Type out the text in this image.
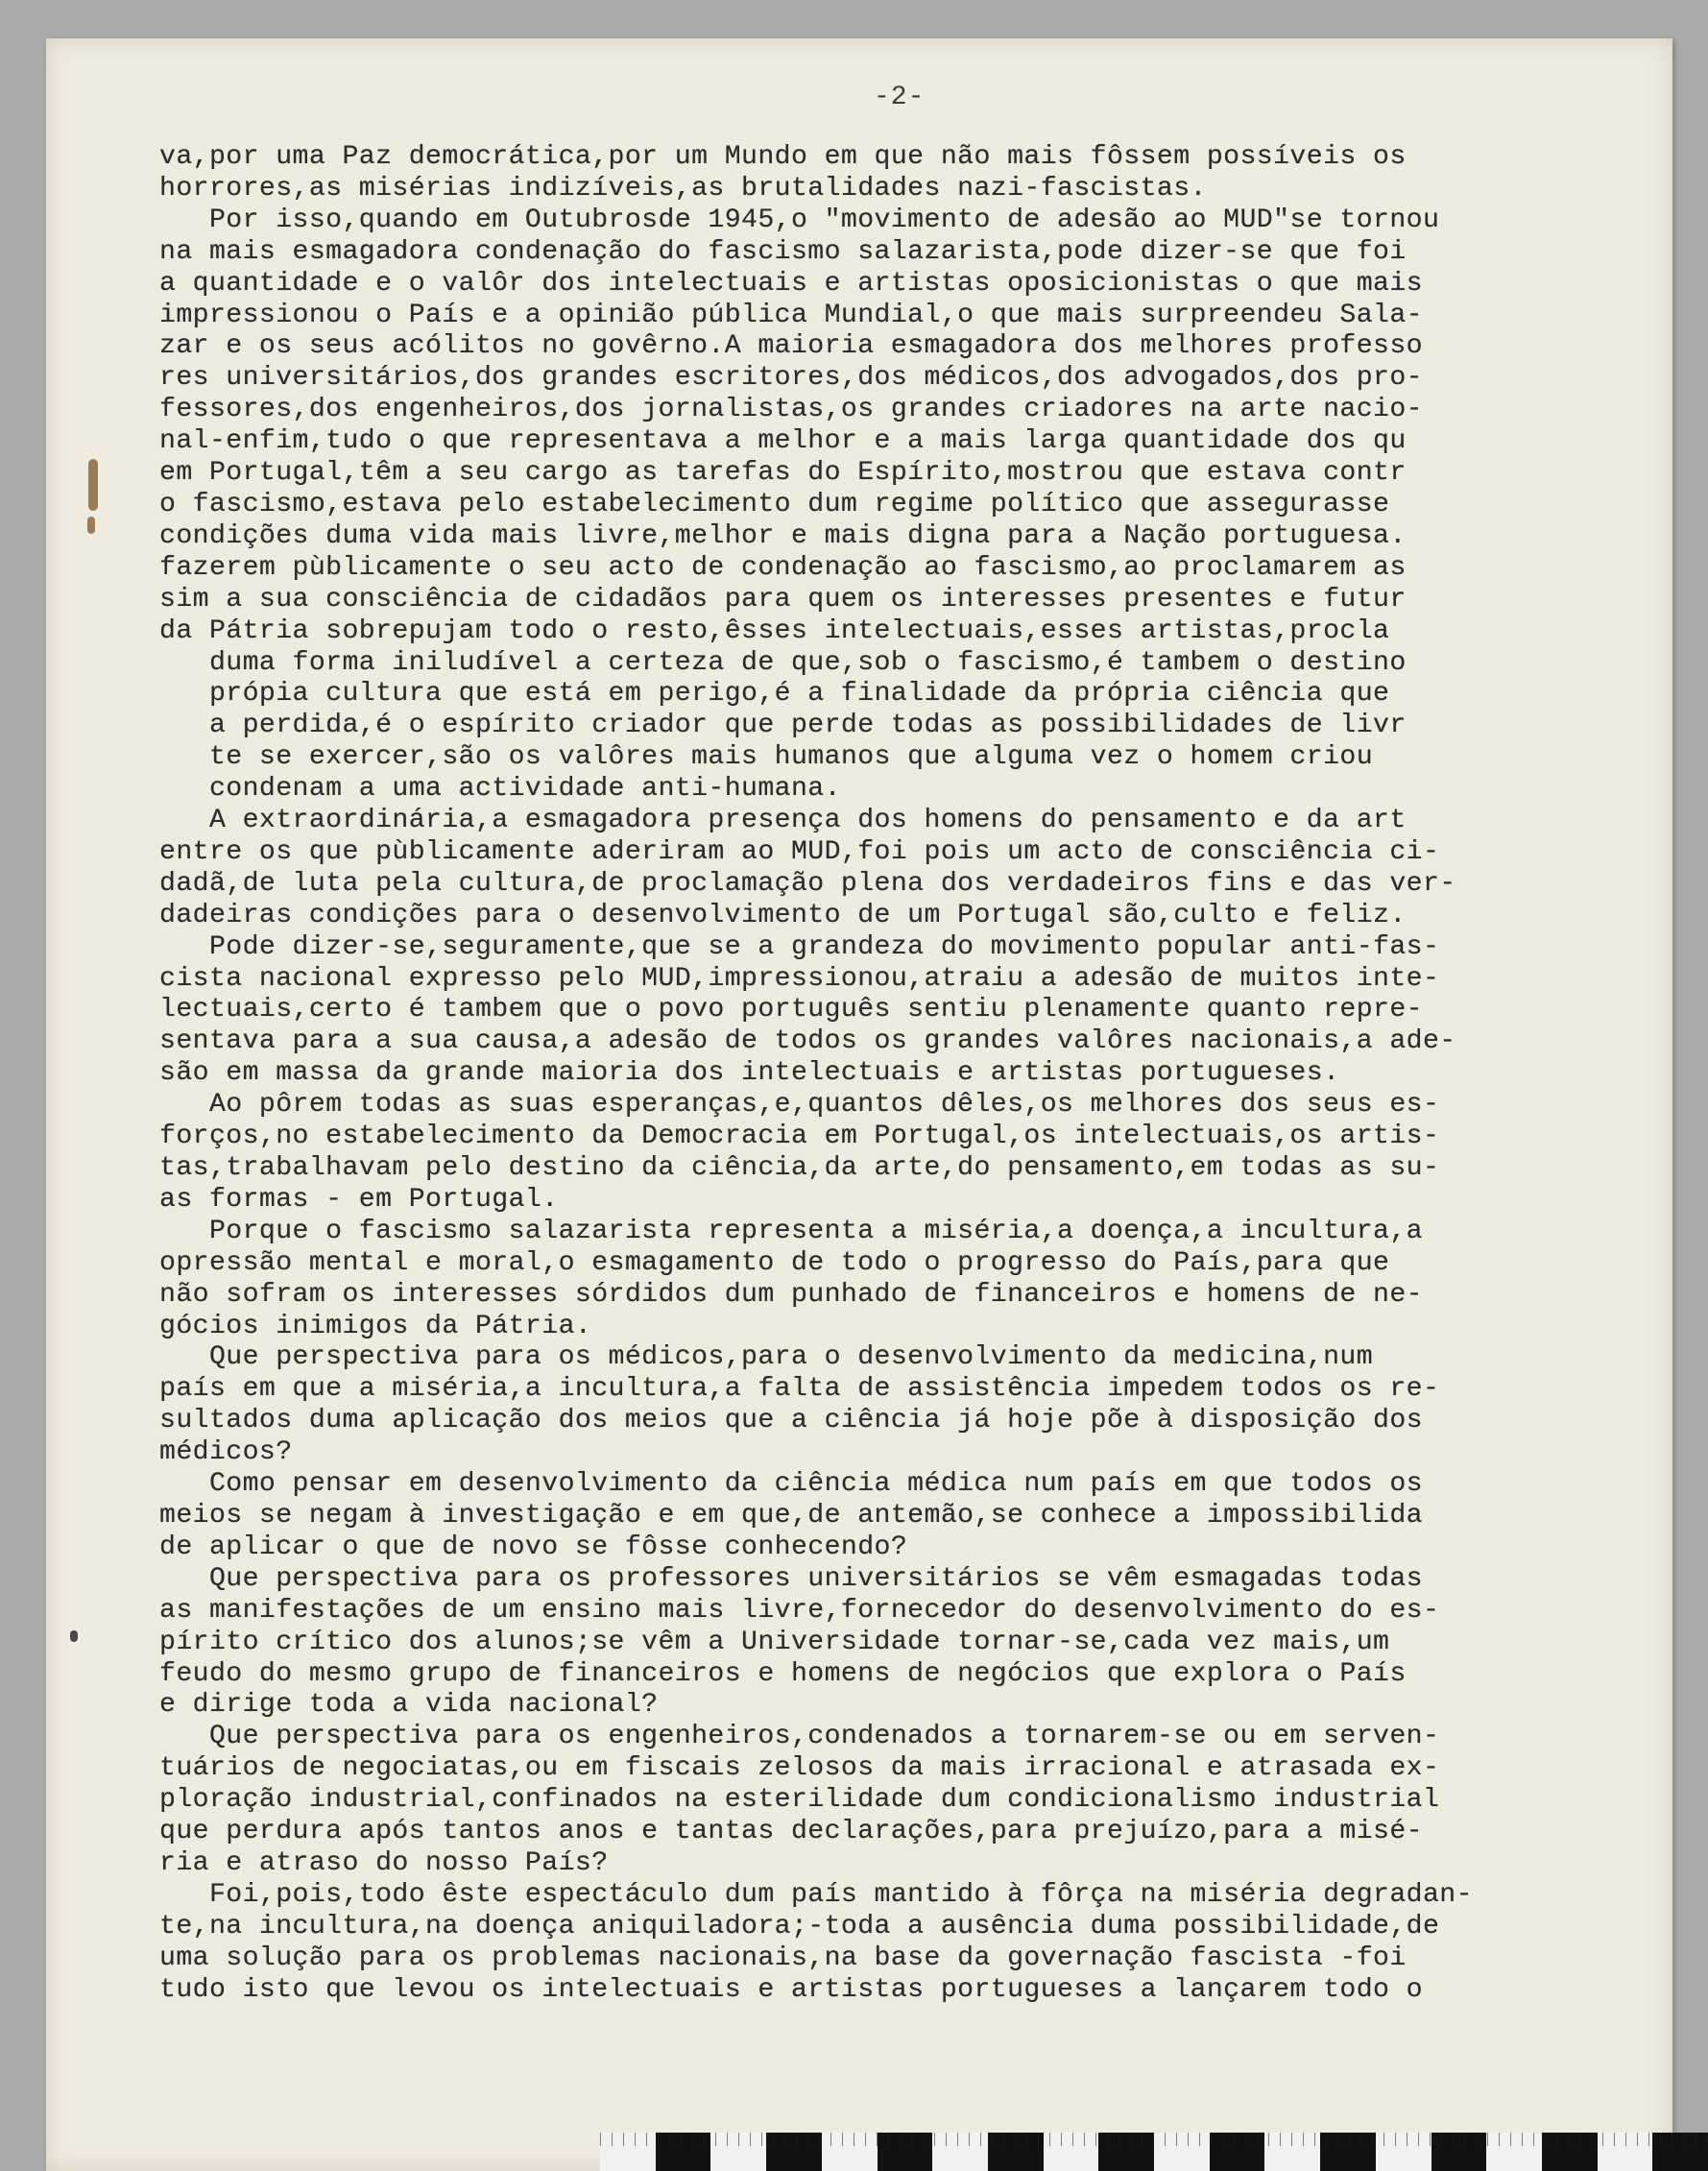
-2-

va,por uma Paz democrática,por um Mundo em que não mais fôssem possíveis os

horrores,as misérias indizíveis,as brutalidades nazi-fascistas.

Por isso,quando em Outubrosde 1945,o "movimento de adesão ao MUD"se tornou

na mais esmagadora condenação do fascismo salazarista,pode dizer-se que foi

a quantidade e o valôr dos intelectuais e artistas oposicionistas o que mais

impressionou o País e a opinião pública Mundial,o que mais surpreendeu Sala-

zar e os seus acólitos no govêrno.A maioria esmagadora dos melhores professo

res universitários,dos grandes escritores,dos médicos,dos advogados,dos pro-

fessores,dos engenheiros,dos jornalistas,os grandes criadores na arte nacio-

nal-enfim,tudo o que representava a melhor e a mais larga quantidade dos qu

em Portugal,têm a seu cargo as tarefas do Espírito,mostrou que estava contr

o fascismo,estava pelo estabelecimento dum regime político que assegurasse

condições duma vida mais livre,melhor e mais digna para a Nação portuguesa.

fazerem pùblicamente o seu acto de condenação ao fascismo,ao proclamarem as

sim a sua consciência de cidadãos para quem os interesses presentes e futur

da Pátria sobrepujam todo o resto,êsses intelectuais,esses artistas,procla

duma forma iniludível a certeza de que,sob o fascismo,é tambem o destino

própia cultura que está em perigo,é a finalidade da própria ciência que

a perdida,é o espírito criador que perde todas as possibilidades de livr

te se exercer,são os valôres mais humanos que alguma vez o homem criou

condenam a uma actividade anti-humana.

A extraordinária,a esmagadora presença dos homens do pensamento e da art

entre os que pùblicamente aderiram ao MUD,foi pois um acto de consciência ci-

dadã,de luta pela cultura,de proclamação plena dos verdadeiros fins e das ver-

dadeiras condições para o desenvolvimento de um Portugal são,culto e feliz.

Pode dizer-se,seguramente,que se a grandeza do movimento popular anti-fas-

cista nacional expresso pelo MUD,impressionou,atraiu a adesão de muitos inte-

lectuais,certo é tambem que o povo português sentiu plenamente quanto repre-

sentava para a sua causa,a adesão de todos os grandes valôres nacionais,a ade-

são em massa da grande maioria dos intelectuais e artistas portugueses.

Ao pôrem todas as suas esperanças,e,quantos dêles,os melhores dos seus es-

forços,no estabelecimento da Democracia em Portugal,os intelectuais,os artis-

tas,trabalhavam pelo destino da ciência,da arte,do pensamento,em todas as su-

as formas - em Portugal.

Porque o fascismo salazarista representa a miséria,a doença,a incultura,a

opressão mental e moral,o esmagamento de todo o progresso do País,para que

não sofram os interesses sórdidos dum punhado de financeiros e homens de ne-

gócios inimigos da Pátria.

Que perspectiva para os médicos,para o desenvolvimento da medicina,num

país em que a miséria,a incultura,a falta de assistência impedem todos os re-

sultados duma aplicação dos meios que a ciência já hoje põe à disposição dos

médicos?

Como pensar em desenvolvimento da ciência médica num país em que todos os

meios se negam à investigação e em que,de antemão,se conhece a impossibilida

de aplicar o que de novo se fôsse conhecendo?

Que perspectiva para os professores universitários se vêm esmagadas todas

as manifestações de um ensino mais livre,fornecedor do desenvolvimento do es-

pírito crítico dos alunos;se vêm a Universidade tornar-se,cada vez mais,um

feudo do mesmo grupo de financeiros e homens de negócios que explora o País

e dirige toda a vida nacional?

Que perspectiva para os engenheiros,condenados a tornarem-se ou em serven-

tuários de negociatas,ou em fiscais zelosos da mais irracional e atrasada ex-

ploração industrial,confinados na esterilidade dum condicionalismo industrial

que perdura após tantos anos e tantas declarações,para prejuízo,para a misé-

ria e atraso do nosso País?

Foi,pois,todo êste espectáculo dum país mantido à fôrça na miséria degradan-

te,na incultura,na doença aniquiladora;-toda a ausência duma possibilidade,de

uma solução para os problemas nacionais,na base da governação fascista -foi

tudo isto que levou os intelectuais e artistas portugueses a lançarem todo o
